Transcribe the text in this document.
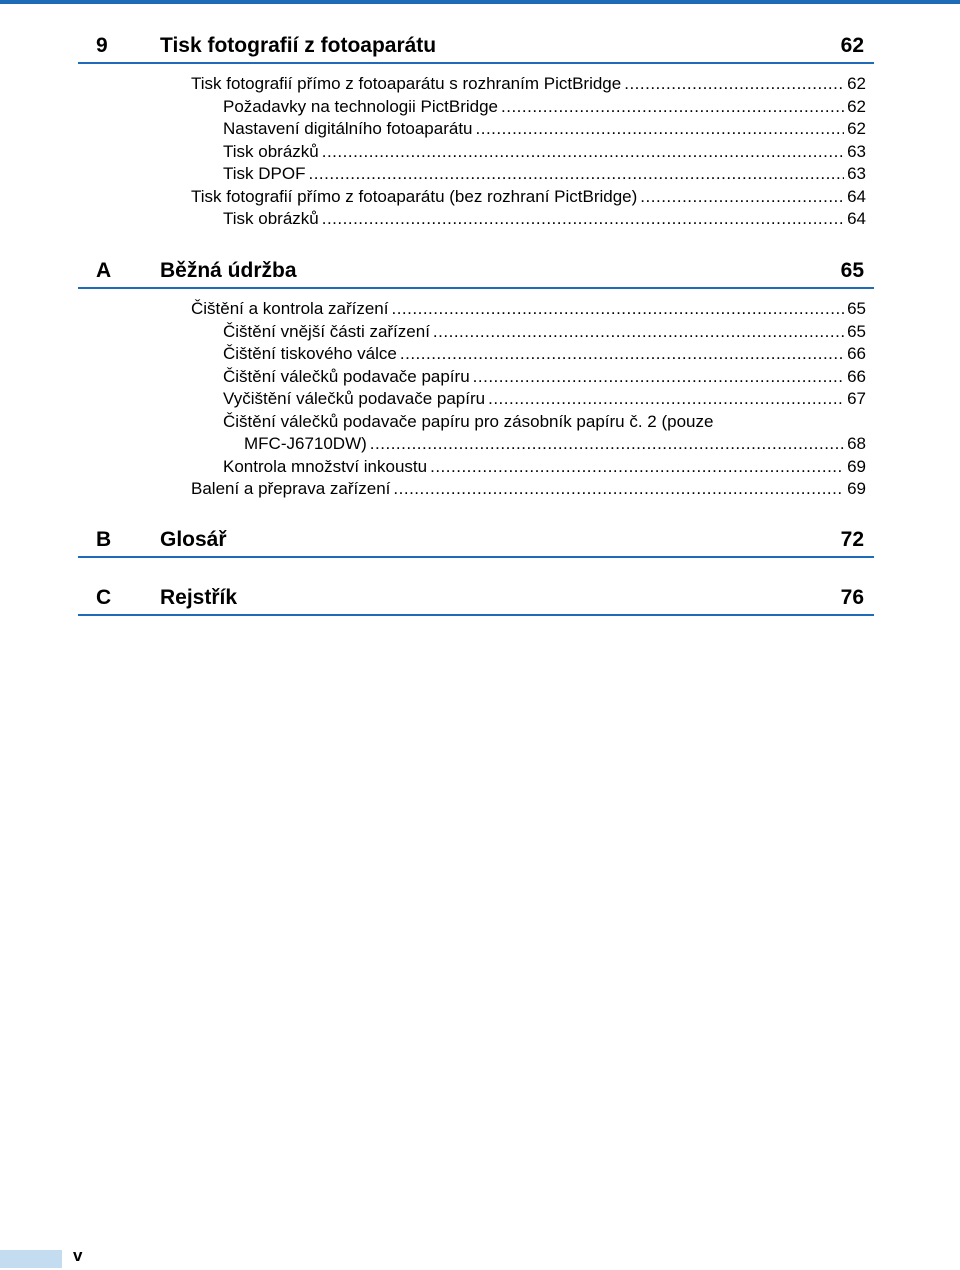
9 Tisk fotografií z fotoaparátu	62
Tisk fotografií přímo z fotoaparátu s rozhraním PictBridge .....	62
Požadavky na technologii PictBridge .....	62
Nastavení digitálního fotoaparátu .....	62
Tisk obrázků .....	63
Tisk DPOF .....	63
Tisk fotografií přímo z fotoaparátu (bez rozhraní PictBridge) .....	64
Tisk obrázků .....	64
A Běžná údržba	65
Čištění a kontrola zařízení .....	65
Čištění vnější části zařízení .....	65
Čištění tiskového válce .....	66
Čištění válečků podavače papíru .....	66
Vyčištění válečků podavače papíru .....	67
Čištění válečků podavače papíru pro zásobník papíru č. 2 (pouze
MFC-J6710DW) .....	68
Kontrola množství inkoustu .....	69
Balení a přeprava zařízení .....	69
B Glosář	72
C Rejstřík	76
v
